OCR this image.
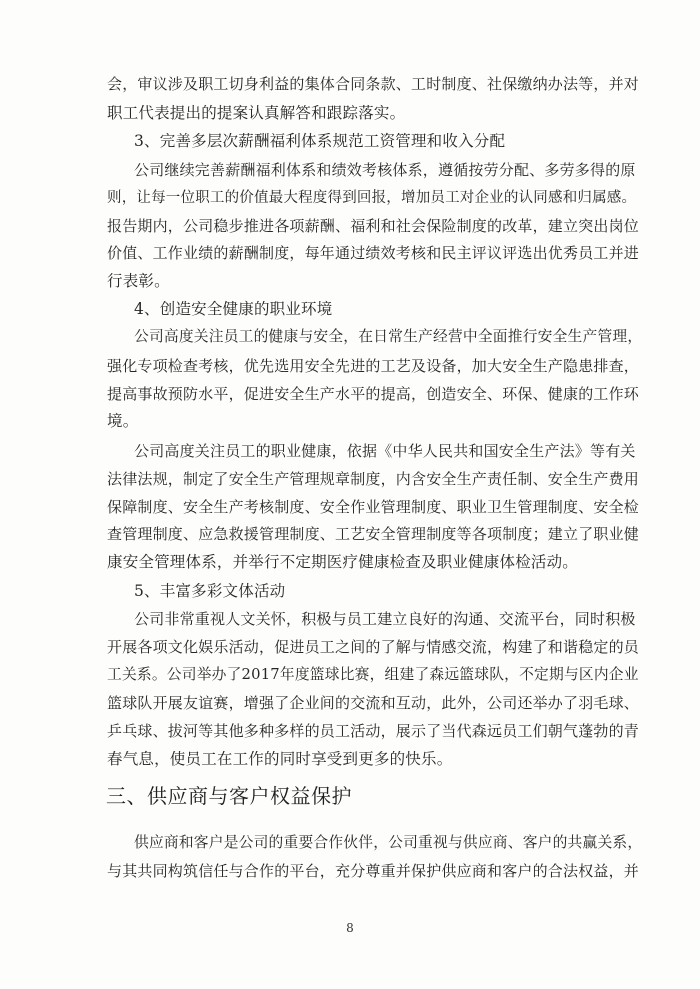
会，审议涉及职工切身利益的集体合同条款、工时制度、社保缴纳办法等，并对
职工代表提出的提案认真解答和跟踪落实。
3、完善多层次薪酬福利体系规范工资管理和收入分配
公司继续完善薪酬福利体系和绩效考核体系，遵循按劳分配、多劳多得的原
则，让每一位职工的价值最大程度得到回报，增加员工对企业的认同感和归属感。
报告期内，公司稳步推进各项薪酬、福利和社会保险制度的改革，建立突出岗位
价值、工作业绩的薪酬制度，每年通过绩效考核和民主评议评选出优秀员工并进
行表彰。
4、创造安全健康的职业环境
公司高度关注员工的健康与安全，在日常生产经营中全面推行安全生产管理，
强化专项检查考核，优先选用安全先进的工艺及设备，加大安全生产隐患排查，
提高事故预防水平，促进安全生产水平的提高，创造安全、环保、健康的工作环
境。
公司高度关注员工的职业健康，依据《中华人民共和国安全生产法》等有关
法律法规，制定了安全生产管理规章制度，内含安全生产责任制、安全生产费用
保障制度、安全生产考核制度、安全作业管理制度、职业卫生管理制度、安全检
查管理制度、应急救援管理制度、工艺安全管理制度等各项制度；建立了职业健
康安全管理体系，并举行不定期医疗健康检查及职业健康体检活动。
5、丰富多彩文体活动
公司非常重视人文关怀，积极与员工建立良好的沟通、交流平台，同时积极
开展各项文化娱乐活动，促进员工之间的了解与情感交流，构建了和谐稳定的员
工关系。公司举办了2017年度篮球比赛，组建了森远篮球队，不定期与区内企业
篮球队开展友谊赛，增强了企业间的交流和互动，此外，公司还举办了羽毛球、
乒乓球、拔河等其他多种多样的员工活动，展示了当代森远员工们朝气蓬勃的青
春气息，使员工在工作的同时享受到更多的快乐。
三、供应商与客户权益保护
供应商和客户是公司的重要合作伙伴，公司重视与供应商、客户的共赢关系，
与其共同构筑信任与合作的平台，充分尊重并保护供应商和客户的合法权益，并
8
